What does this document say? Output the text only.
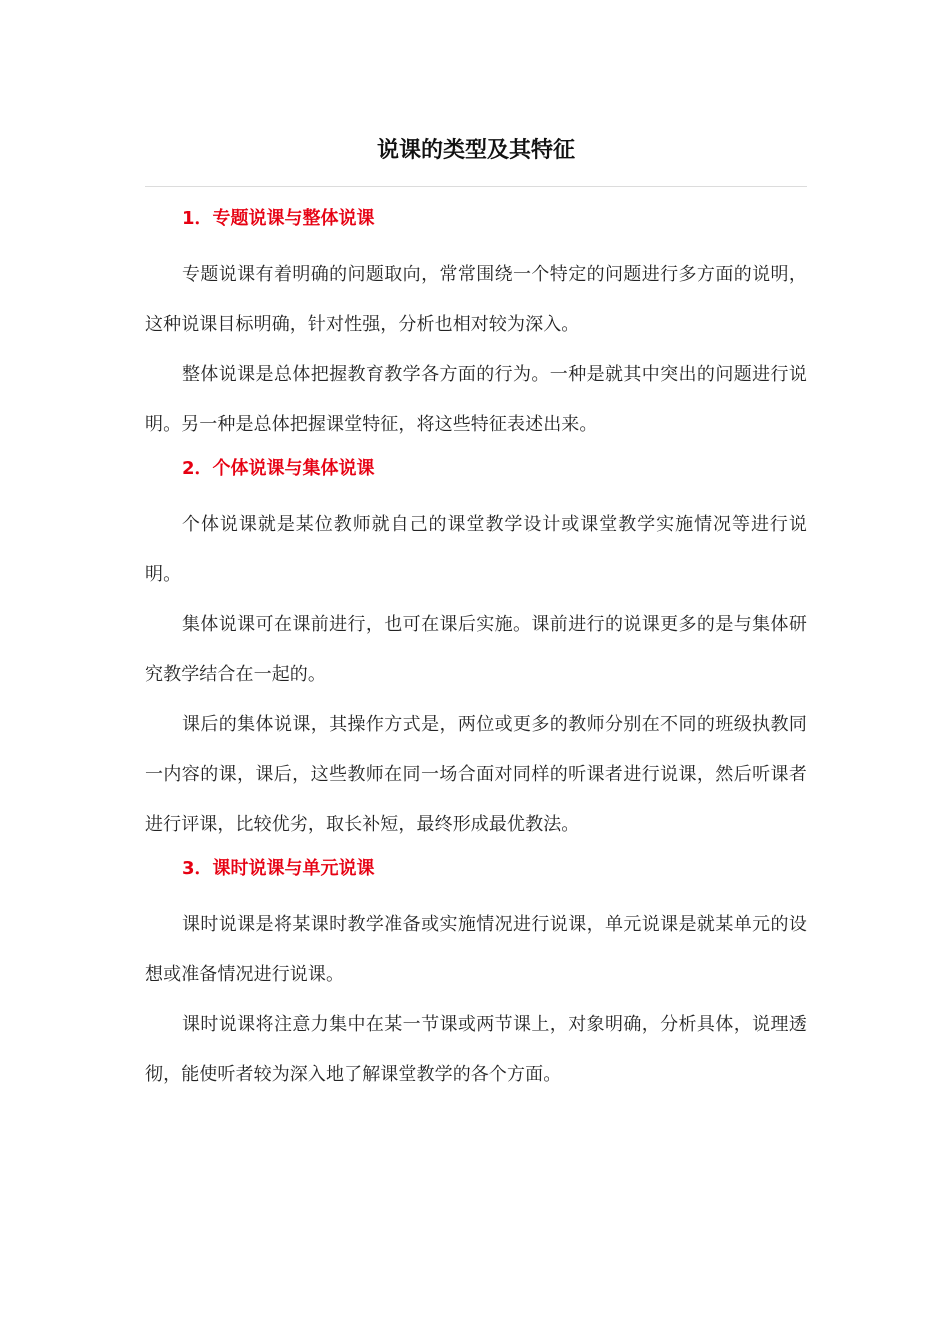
说课的类型及其特征
1．专题说课与整体说课

专题说课有着明确的问题取向，常常围绕一个特定的问题进行多方面的说明，这种说课目标明确，针对性强，分析也相对较为深入。

整体说课是总体把握教育教学各方面的行为。一种是就其中突出的问题进行说明。另一种是总体把握课堂特征，将这些特征表述出来。

2．个体说课与集体说课

个体说课就是某位教师就自己的课堂教学设计或课堂教学实施情况等进行说明。

集体说课可在课前进行，也可在课后实施。课前进行的说课更多的是与集体研究教学结合在一起的。

课后的集体说课，其操作方式是，两位或更多的教师分别在不同的班级执教同一内容的课，课后，这些教师在同一场合面对同样的听课者进行说课，然后听课者进行评课，比较优劣，取长补短，最终形成最优教法。

3．课时说课与单元说课

课时说课是将某课时教学准备或实施情况进行说课，单元说课是就某单元的设想或准备情况进行说课。

课时说课将注意力集中在某一节课或两节课上，对象明确，分析具体，说理透彻，能使听者较为深入地了解课堂教学的各个方面。
